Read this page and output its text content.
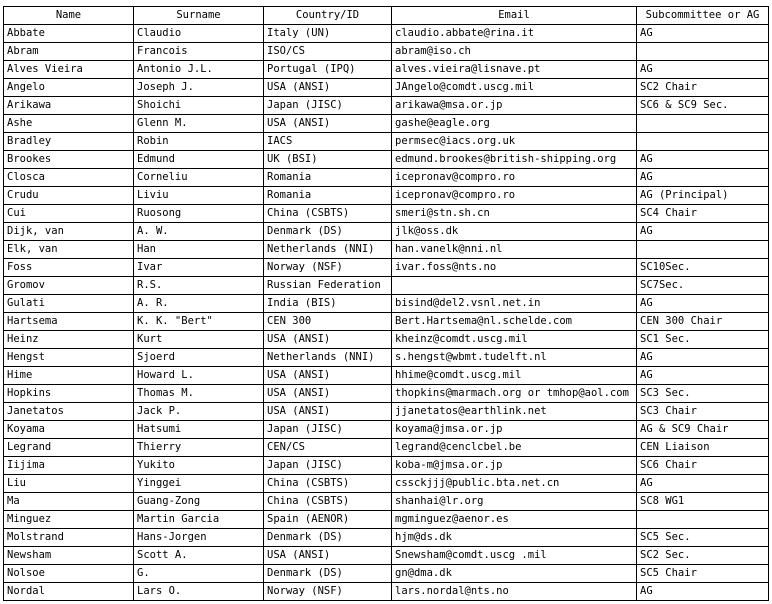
Name	Surname	Country/ID	Email	Subcommittee or AG
Abbate	Claudio	Italy (UN)	claudio.abbate@rina.it	AG
Abram	Francois	ISO/CS	abram@iso.ch	
Alves Vieira	Antonio J.L.	Portugal (IPQ)	alves.vieira@lisnave.pt	AG
Angelo	Joseph J.	USA (ANSI)	JAngelo@comdt.uscg.mil	SC2 Chair
Arikawa	Shoichi	Japan (JISC)	arikawa@msa.or.jp	SC6 & SC9 Sec.
Ashe	Glenn M.	USA (ANSI)	gashe@eagle.org	
Bradley	Robin	IACS	permsec@iacs.org.uk	
Brookes	Edmund	UK (BSI)	edmund.brookes@british-shipping.org	AG
Closca	Corneliu	Romania	icepronav@compro.ro	AG
Crudu	Liviu	Romania	icepronav@compro.ro	AG (Principal)
Cui	Ruosong	China (CSBTS)	smeri@stn.sh.cn	SC4 Chair
Dijk, van	A. W.	Denmark (DS)	jlk@oss.dk	AG
Elk, van	Han	Netherlands (NNI)	han.vanelk@nni.nl	
Foss	Ivar	Norway (NSF)	ivar.foss@nts.no	SC10Sec.
Gromov	R.S.	Russian Federation		SC7Sec.
Gulati	A. R.	India (BIS)	bisind@del2.vsnl.net.in	AG
Hartsema	K. K. "Bert"	CEN 300	Bert.Hartsema@nl.schelde.com	CEN 300 Chair
Heinz	Kurt	USA (ANSI)	kheinz@comdt.uscg.mil	SC1 Sec.
Hengst	Sjoerd	Netherlands (NNI)	s.hengst@wbmt.tudelft.nl	AG
Hime	Howard L.	USA (ANSI)	hhime@comdt.uscg.mil	AG
Hopkins	Thomas M.	USA (ANSI)	thopkins@marmach.org or tmhop@aol.com	SC3 Sec.
Janetatos	Jack P.	USA (ANSI)	jjanetatos@earthlink.net	SC3 Chair
Koyama	Hatsumi	Japan (JISC)	koyama@jmsa.or.jp	AG & SC9 Chair
Legrand	Thierry	CEN/CS	legrand@cenclcbel.be	CEN Liaison
Iijima	Yukito	Japan (JISC)	koba-m@jmsa.or.jp	SC6 Chair
Liu	Yinggei	China (CSBTS)	cssckjjj@public.bta.net.cn	AG
Ma	Guang-Zong	China (CSBTS)	shanhai@lr.org	SC8 WG1
Minguez	Martin Garcia	Spain (AENOR)	mgminguez@aenor.es	
Molstrand	Hans-Jorgen	Denmark (DS)	hjm@ds.dk	SC5 Sec.
Newsham	Scott A.	USA (ANSI)	Snewsham@comdt.uscg .mil	SC2 Sec.
Nolsoe	G.	Denmark (DS)	gn@dma.dk	SC5 Chair
Nordal	Lars O.	Norway (NSF)	lars.nordal@nts.no	AG
